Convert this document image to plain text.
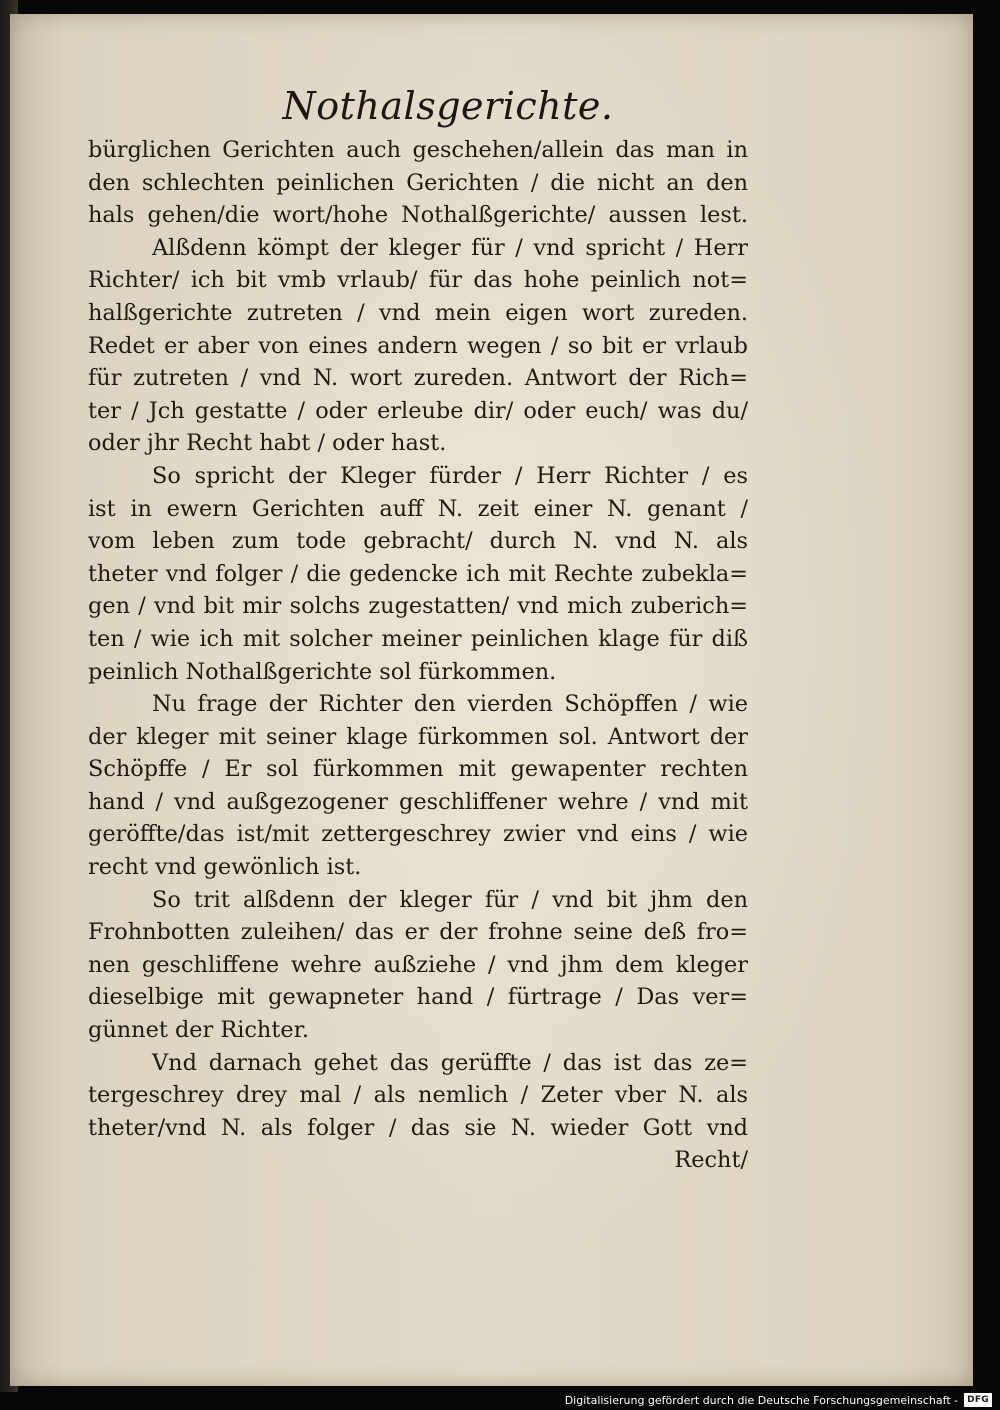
Nothalsgerichte.
bürglichen Gerichten auch geschehen/allein das man in
den schlechten peinlichen Gerichten / die nicht an den
hals gehen/die wort/hohe Nothalßgerichte/ aussen lest.
Alßdenn kömpt der kleger für / vnd spricht / Herr
Richter/ ich bit vmb vrlaub/ für das hohe peinlich not=
halßgerichte zutreten / vnd mein eigen wort zureden.
Redet er aber von eines andern wegen / so bit er vrlaub
für zutreten / vnd N. wort zureden. Antwort der Rich=
ter / Jch gestatte / oder erleube dir/ oder euch/ was du/
oder jhr Recht habt / oder hast.
So spricht der Kleger fürder / Herr Richter / es
ist in ewern Gerichten auff N. zeit einer N. genant /
vom leben zum tode gebracht/ durch N. vnd N. als
theter vnd folger / die gedencke ich mit Rechte zubekla=
gen / vnd bit mir solchs zugestatten/ vnd mich zuberich=
ten / wie ich mit solcher meiner peinlichen klage für diß
peinlich Nothalßgerichte sol fürkommen.
Nu frage der Richter den vierden Schöpffen / wie
der kleger mit seiner klage fürkommen sol. Antwort der
Schöpffe / Er sol fürkommen mit gewapenter rechten
hand / vnd außgezogener geschliffener wehre / vnd mit
geröffte/das ist/mit zettergeschrey zwier vnd eins / wie
recht vnd gewönlich ist.
So trit alßdenn der kleger für / vnd bit jhm den
Frohnbotten zuleihen/ das er der frohne seine deß fro=
nen geschliffene wehre außziehe / vnd jhm dem kleger
dieselbige mit gewapneter hand / fürtrage / Das ver=
günnet der Richter.
Vnd darnach gehet das gerüffte / das ist das ze=
tergeschrey drey mal / als nemlich / Zeter vber N. als
theter/vnd N. als folger / das sie N. wieder Gott vnd
Recht/
Digitalisierung gefördert durch die Deutsche Forschungsgemeinschaft -	DFG
